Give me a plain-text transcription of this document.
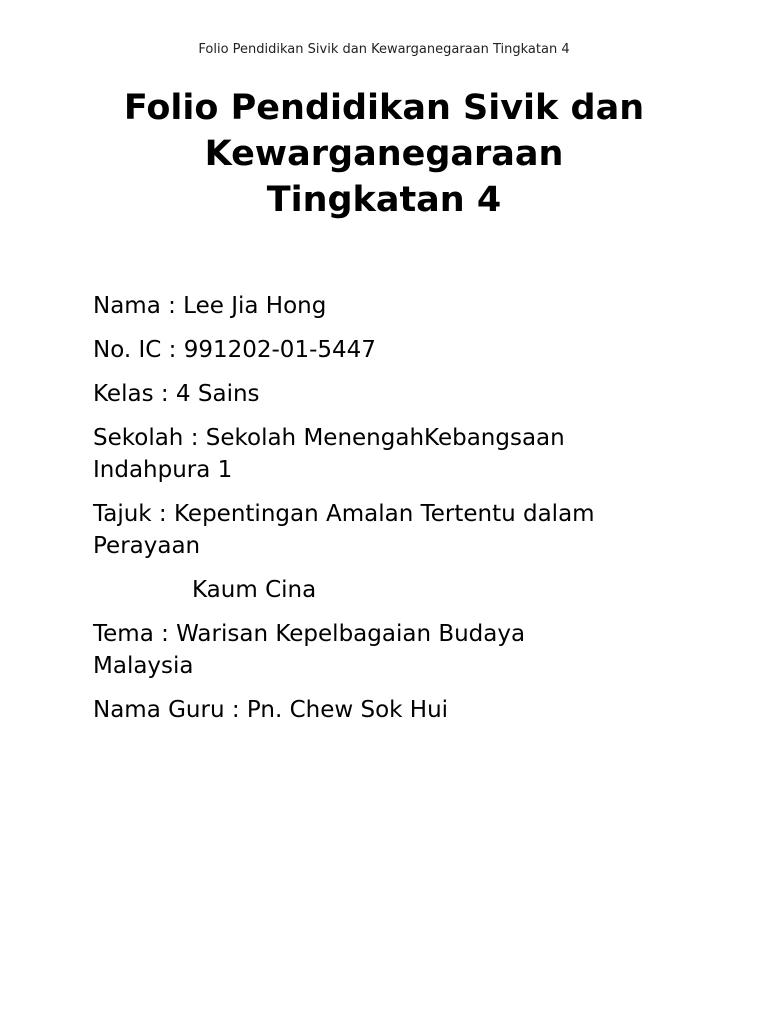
Folio Pendidikan Sivik dan Kewarganegaraan Tingkatan 4
Folio Pendidikan Sivik dan
Kewarganegaraan
Tingkatan 4
Nama : Lee Jia Hong
No. IC : 991202-01-5447
Kelas : 4 Sains
Sekolah : Sekolah MenengahKebangsaan
Indahpura 1
Tajuk : Kepentingan Amalan Tertentu dalam
Perayaan
Kaum Cina
Tema : Warisan Kepelbagaian Budaya
Malaysia
Nama Guru : Pn. Chew Sok Hui
